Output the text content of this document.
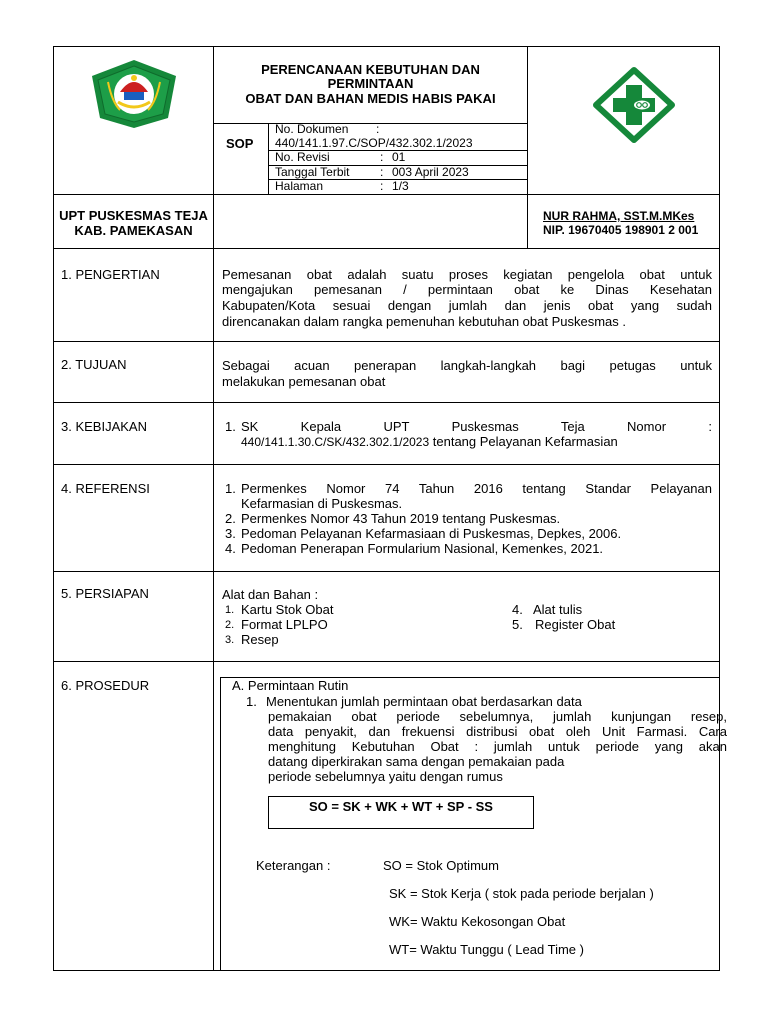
PERENCANAAN KEBUTUHAN DAN
PERMINTAAN
OBAT DAN BAHAN MEDIS HABIS PAKAI
SOP
No. Dokumen :
440/141.1.97.C/SOP/432.302.1/2023
No. Revisi	: 01
Tanggal Terbit	: 003 April 2023
Halaman	: 1/3
UPT PUSKESMAS TEJA
KAB. PAMEKASAN
NUR RAHMA, SST.M.MKes
NIP. 19670405 198901 2 001
1. PENGERTIAN	Pemesanan obat adalah suatu proses kegiatan pengelola obat untuk
mengajukan pemesanan / permintaan obat ke Dinas Kesehatan
Kabupaten/Kota sesuai dengan jumlah dan jenis obat yang sudah
direncanakan dalam rangka pemenuhan kebutuhan obat Puskesmas .
2. TUJUAN	Sebagai acuan penerapan langkah-langkah bagi petugas untuk
melakukan pemesanan obat
3. KEBIJAKAN	1. SK Kepala UPT Puskesmas Teja Nomor :
440/141.1.30.C/SK/432.302.1/2023 tentang Pelayanan Kefarmasian
4. REFERENSI	1. Permenkes Nomor 74 Tahun 2016 tentang Standar Pelayanan
Kefarmasian di Puskesmas.
2. Permenkes Nomor 43 Tahun 2019 tentang Puskesmas.
3. Pedoman Pelayanan Kefarmasiaan di Puskesmas, Depkes, 2006.
4. Pedoman Penerapan Formularium Nasional, Kemenkes, 2021.
5. PERSIAPAN	Alat dan Bahan :
1. Kartu Stok Obat
2. Format LPLPO
3. Resep
4. Alat tulis
5. Register Obat
6. PROSEDUR	A. Permintaan Rutin
1. Menentukan jumlah permintaan obat berdasarkan data
pemakaian obat periode sebelumnya, jumlah kunjungan resep,
data penyakit, dan frekuensi distribusi obat oleh Unit Farmasi. Cara
menghitung Kebutuhan Obat : jumlah untuk periode yang akan
datang diperkirakan sama dengan pemakaian pada
periode sebelumnya yaitu dengan rumus
SO = SK + WK + WT + SP - SS
Keterangan :	SO = Stok Optimum
SK = Stok Kerja ( stok pada periode berjalan )
WK= Waktu Kekosongan Obat
WT= Waktu Tunggu ( Lead Time )
